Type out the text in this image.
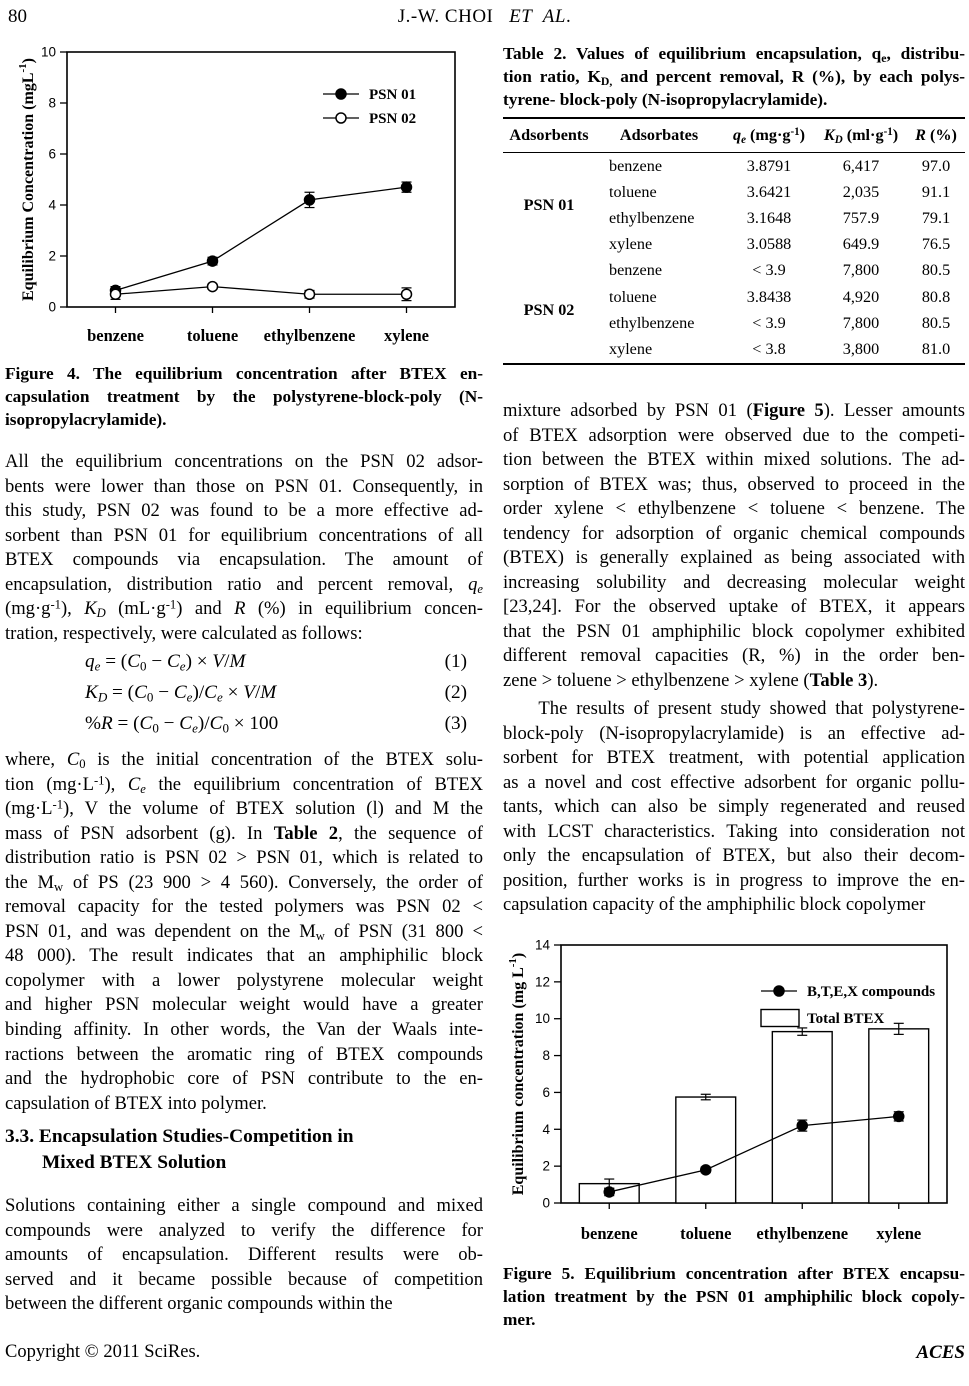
80	J.-W. CHOI   ET  AL.
0
2
4
6
8
10
benzene	toluene ethylbenzene xylene
Equilibrium Concentration (mgL$^{-1}$)
PSN 01
PSN 02
Figure 4. The equilibrium concentration after BTEX en-
capsulation treatment by the polystyrene-block-poly (N-
isopropylacrylamide).
All the equilibrium concentrations on the PSN 02 adsor-
bents were lower than those on PSN 01. Consequently, in
this study, PSN 02 was found to be a more effective ad-
sorbent than PSN 01 for equilibrium concentrations of all
BTEX compounds via encapsulation. The amount of
encapsulation, distribution ratio and percent removal, $q_e$
$(mg\cdot g^{-1})$, $K_D$ $(mL\cdot g^{-1})$ and R (%) in equilibrium concen-
tration, respectively, were calculated as follows:
$q_e = (C_0 - C_e) \times V/M$	(1)
$K_D = (C_0 - C_e)/C_e \times V/M$	(2)
$\%R = (C_0 - C_e)/C_0 \times 100$	(3)
where, $C_0$ is the initial concentration of the BTEX solu-
tion $(mg\cdot L^{-1})$, $C_e$ the equilibrium concentration of BTEX
$(mg\cdot L^{-1})$, V the volume of BTEX solution (l) and M the
mass of PSN adsorbent (g). In Table 2, the sequence of
distribution ratio is PSN 02 > PSN 01, which is related to
the $M_w$ of PS (23 900 > 4 560). Conversely, the order of
removal capacity for the tested polymers was PSN 02 <
PSN 01, and was dependent on the $M_w$ of PSN (31 800 <
48 000). The result indicates that an amphiphilic block
copolymer with a lower polystyrene molecular weight
and higher PSN molecular weight would have a greater
binding affinity. In other words, the Van der Waals inte-
ractions between the aromatic ring of BTEX compounds
and the hydrophobic core of PSN contribute to the en-
capsulation of BTEX into polymer.
3.3. Encapsulation Studies-Competition in
Mixed BTEX Solution
Solutions containing either a single compound and mixed
compounds were analyzed to verify the difference for
amounts of encapsulation. Different results were ob-
served and it became possible because of competition
between the different organic compounds within the
Table 2. Values of equilibrium encapsulation, $q_e$, distribu-
tion ratio, $K_{D,}$ and percent removal, R (%), by each polys-
tyrene- block-poly (N-isopropylacrylamide).
Adsorbents	Adsorbates	$q_e$ $(mg\cdot g^{-1})$	$K_D$ $(ml\cdot g^{-1})$	R (%)
PSN 01	benzene	3.8791	6,417	97.0
	toluene	3.6421	2,035	91.1
	ethylbenzene	3.1648	757.9	79.1
	xylene	3.0588	649.9	76.5
PSN 02	benzene	< 3.9	7,800	80.5
	toluene	3.8438	4,920	80.8
	ethylbenzene	< 3.9	7,800	80.5
	xylene	< 3.8	3,800	81.0
mixture adsorbed by PSN 01 (Figure 5). Lesser amounts
of BTEX adsorption were observed due to the competi-
tion between the BTEX within mixed solutions. The ad-
sorption of BTEX was; thus, observed to proceed in the
order xylene < ethylbenzene < toluene < benzene. The
tendency for adsorption of organic chemical compounds
(BTEX) is generally explained as being associated with
increasing solubility and decreasing molecular weight
[23,24]. For the observed uptake of BTEX, it appears
that the PSN 01 amphiphilic block copolymer exhibited
different removal capacities (R, %) in the order ben-
zene > toluene > ethylbenzene > xylene (Table 3).
The results of present study showed that polystyrene-
block-poly (N-isopropylacrylamide) is an effective ad-
sorbent for BTEX treatment, with potential application
as a novel and cost effective adsorbent for organic pollu-
tants, which can also be simply regenerated and reused
with LCST characteristics. Taking into consideration not
only the encapsulation of BTEX, but also their decom-
position, further works is in progress to improve the en-
capsulation capacity of the amphiphilic block copolymer
0
2
4
6
8
10
12
14
benzene	toluene ethylbenzene xylene
Equilibrium concentration (mg $L^{-1}$)
B,T,E,X compounds
Total BTEX
Figure 5. Equilibrium concentration after BTEX encapsu-
lation treatment by the PSN 01 amphiphilic block copoly-
mer.
Copyright © 2011 SciRes.	ACES
